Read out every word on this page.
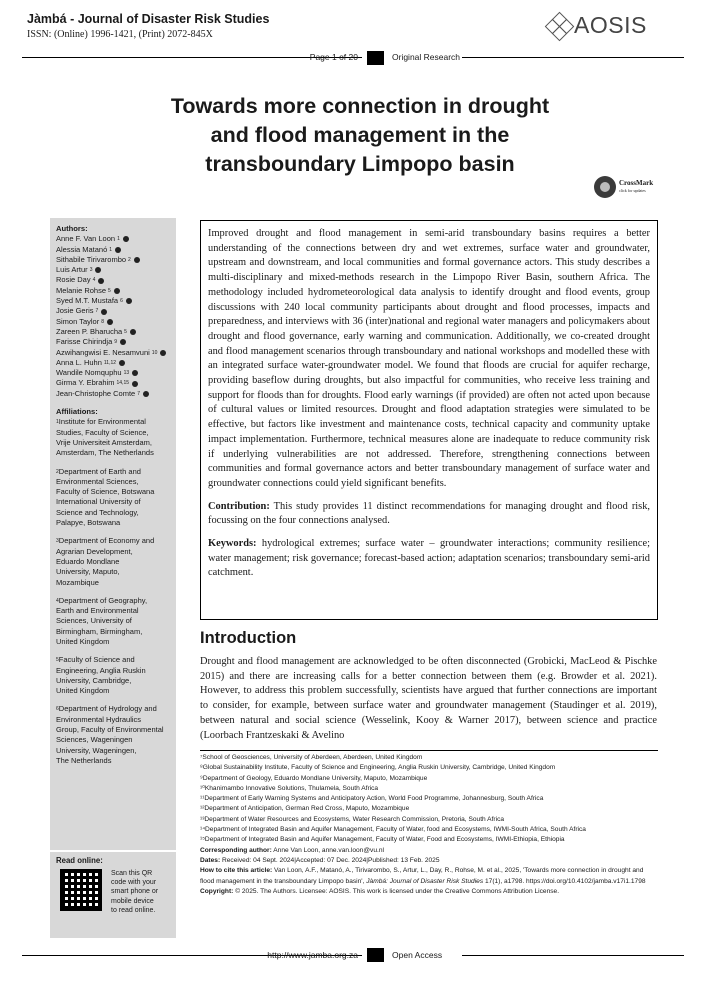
Jàmbá - Journal of Disaster Risk Studies
ISSN: (Online) 1996-1421, (Print) 2072-845X	AOSIS
Page 1 of 20	Original Research
Towards more connection in drought
and flood management in the
transboundary Limpopo basin
CrossMark
click for updates
Authors:
Anne F. Van Loon 1
Alessia Matanó 1
Sithabile Tirivarombo 2
Luis Artur 3
Rosie Day 4
Melanie Rohse 5
Syed M.T. Mustafa 6
Josie Geris 7
Simon Taylor 8
Zareen P. Bharucha 5
Farisse Chirindja 9
Azwihangwisi E. Nesamvuni 10
Anna L. Huhn 11,12
Wandile Nomquphu 13
Girma Y. Ebrahim 14,15
Jean-Christophe Comte 7
Affiliations:
$^1$Institute for Environmental
Studies, Faculty of Science,
Vrije Universiteit Amsterdam,
Amsterdam, The Netherlands
$^2$Department of Earth and
Environmental Sciences,
Faculty of Science, Botswana
International University of
Science and Technology,
Palapye, Botswana
$^3$Department of Economy and
Agrarian Development,
Eduardo Mondlane
University, Maputo,
Mozambique
$^4$Department of Geography,
Earth and Environmental
Sciences, University of
Birmingham, Birmingham,
United Kingdom
$^5$Faculty of Science and
Engineering, Anglia Ruskin
University, Cambridge,
United Kingdom
$^6$Department of Hydrology and
Environmental Hydraulics
Group, Faculty of Environmental
Sciences, Wageningen
University, Wageningen,
The Netherlands
Read online:
Scan this QR
code with your
smart phone or
mobile device
to read online.

Improved drought and flood management in semi-arid transboundary basins requires a better understanding of the connections between dry and wet extremes, surface water and groundwater, upstream and downstream, and local communities and formal governance actors. This study describes a multi-disciplinary and mixed-methods research in the Limpopo River Basin, southern Africa. The methodology included hydrometeorological data analysis to identify drought and flood events, group discussions with 240 local community participants about drought and flood processes, impacts and preparedness, and interviews with 36 (inter)national and regional water managers and policymakers about drought and flood governance, early warning and communication. Additionally, we co-created drought and flood management scenarios through transboundary and national workshops and modelled these with an integrated surface water-groundwater model. We found that floods are crucial for aquifer recharge, providing baseflow during droughts, but also impactful for communities, who receive less training and support for floods than for droughts. Flood early warnings (if provided) are often not acted upon because of cultural values or limited resources. Drought and flood adaptation strategies were simulated to be effective, but factors like investment and maintenance costs, technical capacity and community uptake impact implementation. Furthermore, technical measures alone are inadequate to reduce community risk if underlying vulnerabilities are not addressed. Therefore, strengthening connections between communities and formal governance actors and better transboundary management of surface water and groundwater connections could yield significant benefits.

Contribution: This study provides 11 distinct recommendations for managing drought and flood risk, focussing on the four connections analysed.

Keywords: hydrological extremes; surface water – groundwater interactions; community resilience; water management; risk governance; forecast-based action; adaptation scenarios; transboundary semi-arid catchment.

Introduction
Drought and flood management are acknowledged to be often disconnected (Grobicki, MacLeod & Pischke 2015) and there are increasing calls for a better connection between them (e.g. Browder et al. 2021). However, to address this problem successfully, scientists have argued that further connections are important to consider, for example, between surface water and groundwater management (Staudinger et al. 2019), between natural and social science (Wesselink, Kooy & Warner 2017), between science and practice (Loorbach Frantzeskaki & Avelino
⁷School of Geosciences, University of Aberdeen, Aberdeen, United Kingdom
⁸Global Sustainability Institute, Faculty of Science and Engineering, Anglia Ruskin University, Cambridge, United Kingdom
⁹Department of Geology, Eduardo Mondlane University, Maputo, Mozambique
¹⁰Khanimambo Innovative Solutions, Thulamela, South Africa
¹¹Department of Early Warning Systems and Anticipatory Action, World Food Programme, Johannesburg, South Africa
¹²Department of Anticipation, German Red Cross, Maputo, Mozambique
¹³Department of Water Resources and Ecosystems, Water Research Commission, Pretoria, South Africa
¹⁴Department of Integrated Basin and Aquifer Management, Faculty of Water, food and Ecosystems, IWMI-South Africa, South Africa
¹⁵Department of Integrated Basin and Aquifer Management, Faculty of Water, Food and Ecosystems, IWMI-Ethiopia, Ethiopia
Corresponding author: Anne Van Loon, anne.van.loon@vu.nl
Dates: Received: 04 Sept. 2024|Accepted: 07 Dec. 2024|Published: 13 Feb. 2025
How to cite this article: Van Loon, A.F., Matanó, A., Tirivarombo, S., Artur, L., Day, R., Rohse, M. et al., 2025, 'Towards more connection in drought and flood management in the transboundary Limpopo basin', Jàmbá: Journal of Disaster Risk Studies 17(1), a1798. https://doi.org/10.4102/jamba.v17i1.1798
Copyright: © 2025. The Authors. Licensee: AOSIS. This work is licensed under the Creative Commons Attribution License.
http://www.jamba.org.za	Open Access
